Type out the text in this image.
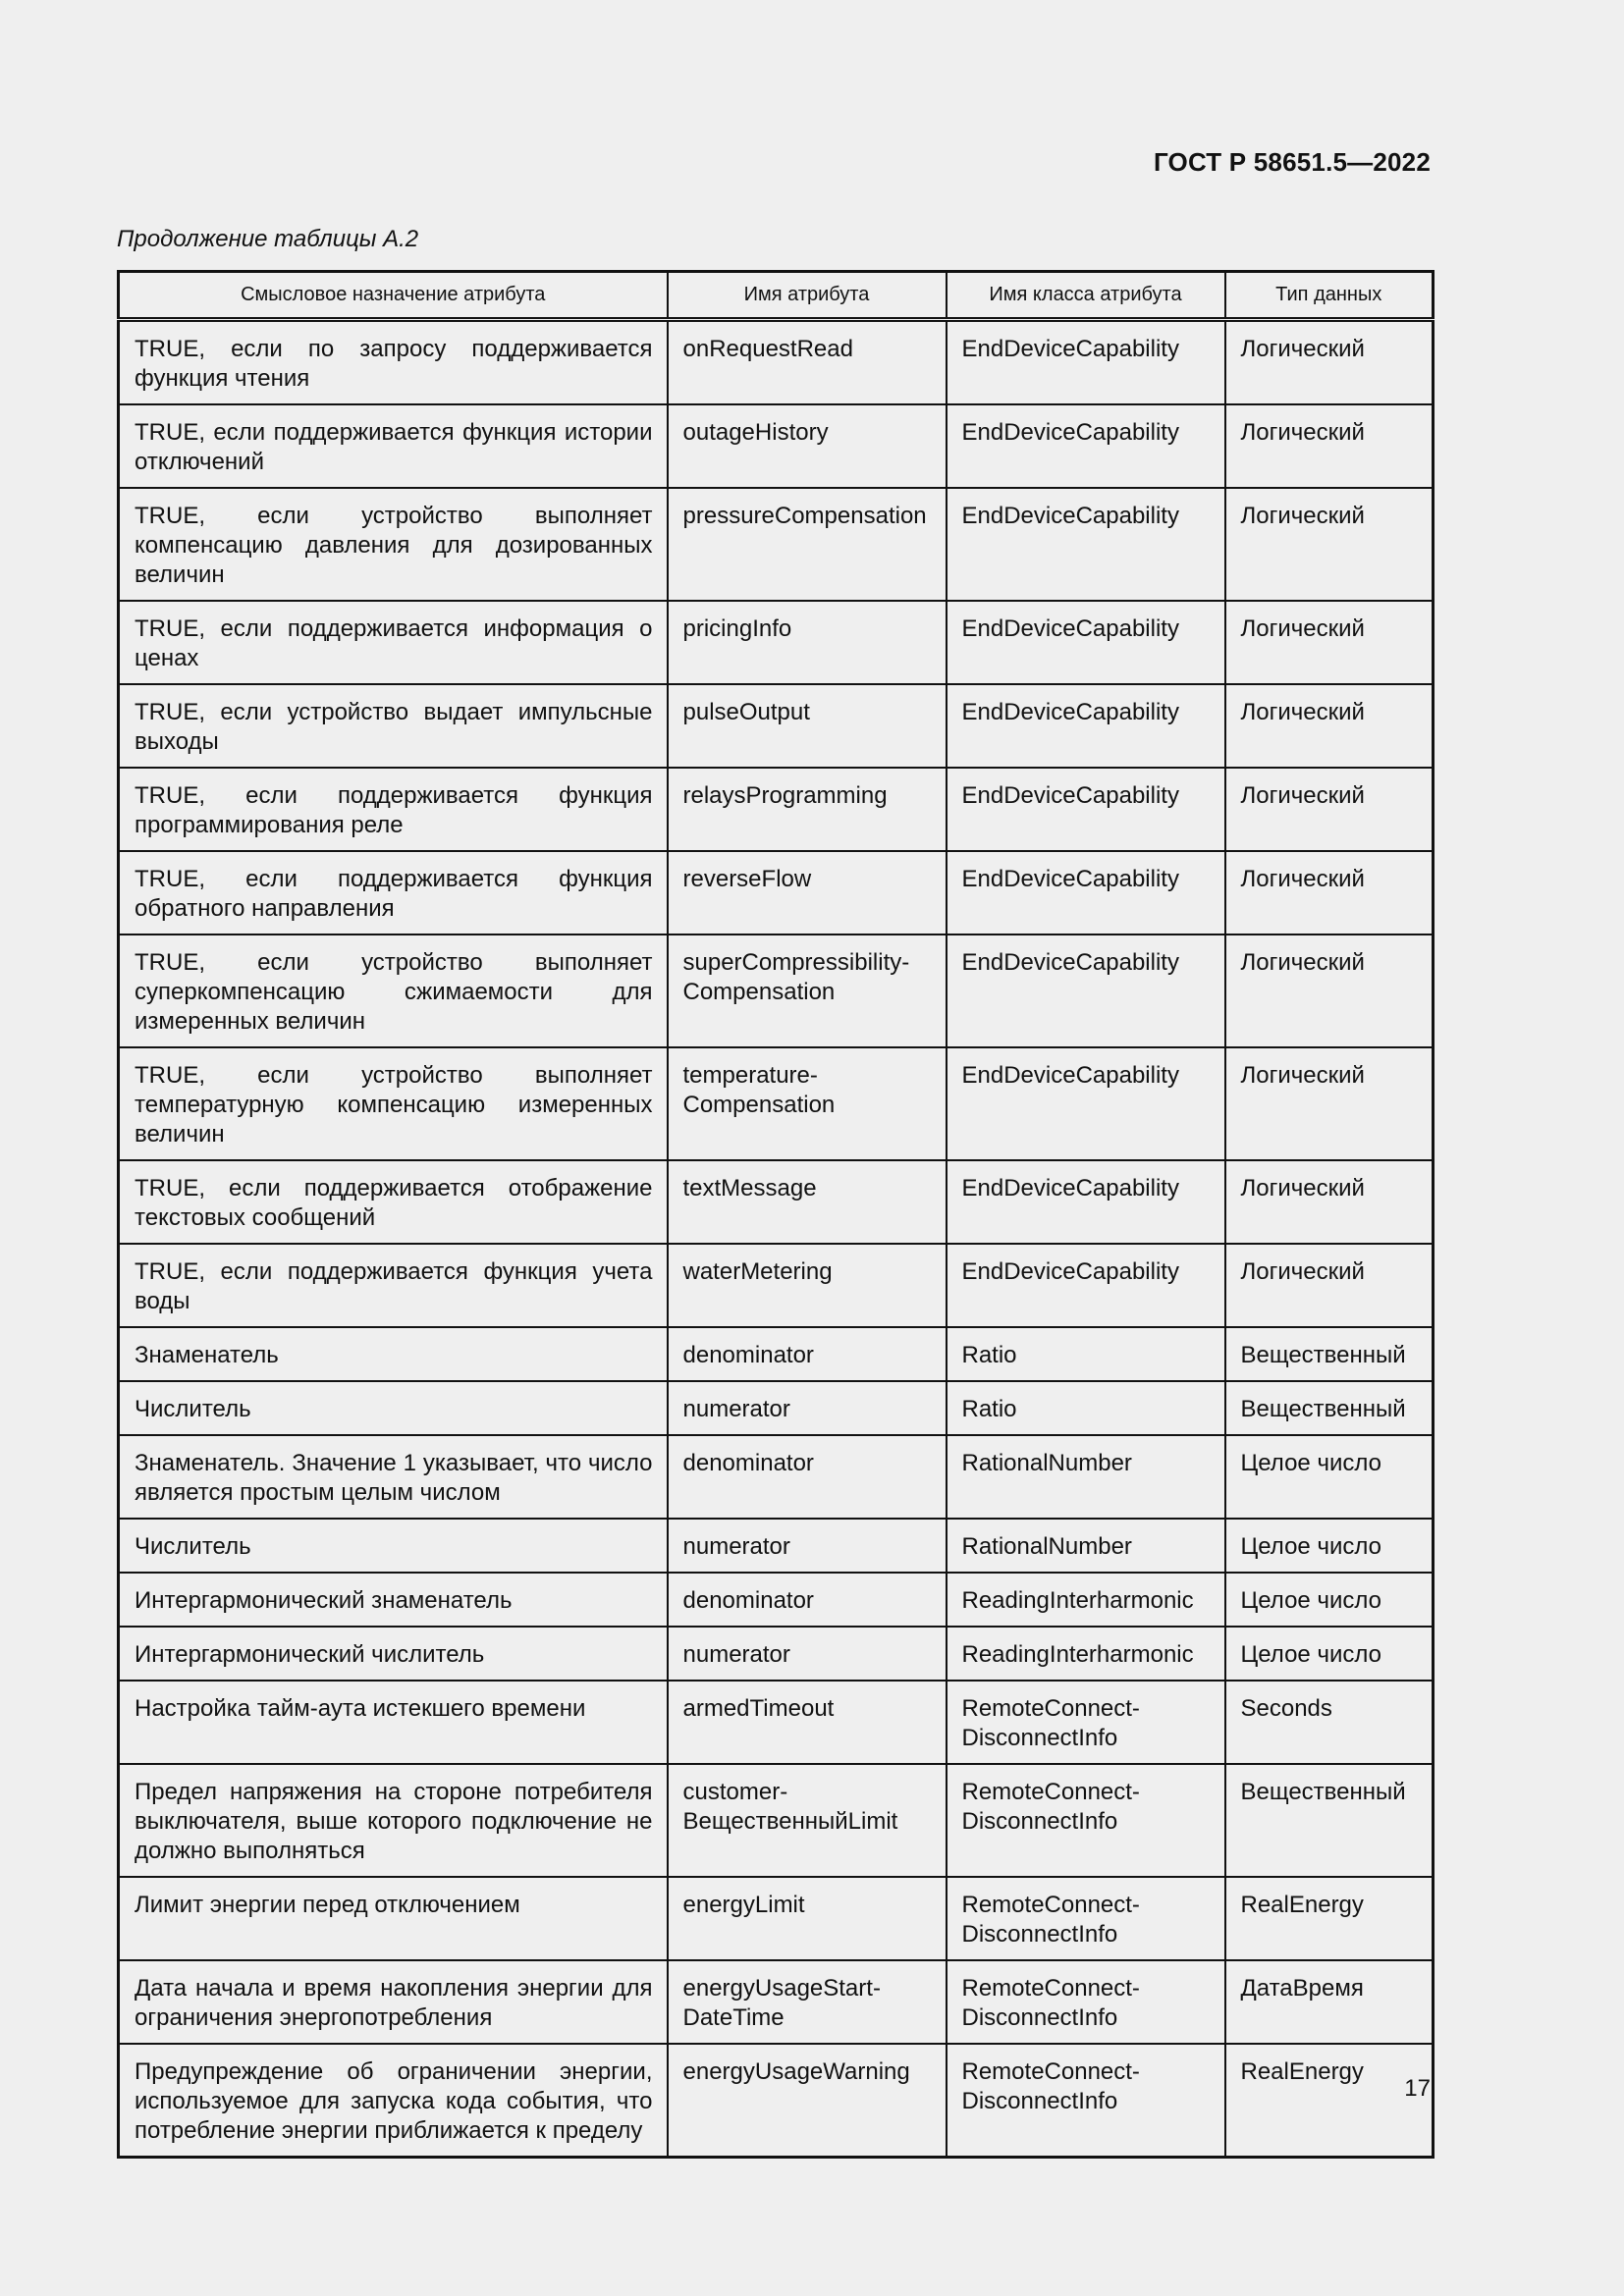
ГОСТ Р 58651.5—2022
Продолжение таблицы А.2
Смысловое назначение атрибута	Имя атрибута	Имя класса атрибута	Тип данных
TRUE, если по запросу поддерживается функция чтения	onRequestRead	EndDeviceCapability	Логический
TRUE, если поддерживается функция истории отключений	outageHistory	EndDeviceCapability	Логический
TRUE, если устройство выполняет компенсацию давления для дозированных величин	pressureCompensation	EndDeviceCapability	Логический
TRUE, если поддерживается информация о ценах	pricingInfo	EndDeviceCapability	Логический
TRUE, если устройство выдает импульсные выходы	pulseOutput	EndDeviceCapability	Логический
TRUE, если поддерживается функция программирования реле	relaysProgramming	EndDeviceCapability	Логический
TRUE, если поддерживается функция обратного направления	reverseFlow	EndDeviceCapability	Логический
TRUE, если устройство выполняет суперкомпенсацию сжимаемости для измеренных величин	superCompressibility-Compensation	EndDeviceCapability	Логический
TRUE, если устройство выполняет температурную компенсацию измеренных величин	temperature-Compensation	EndDeviceCapability	Логический
TRUE, если поддерживается отображение текстовых сообщений	textMessage	EndDeviceCapability	Логический
TRUE, если поддерживается функция учета воды	waterMetering	EndDeviceCapability	Логический
Знаменатель	denominator	Ratio	Вещественный
Числитель	numerator	Ratio	Вещественный
Знаменатель. Значение 1 указывает, что число является простым целым числом	denominator	RationalNumber	Целое число
Числитель	numerator	RationalNumber	Целое число
Интергармонический знаменатель	denominator	ReadingInterharmonic	Целое число
Интергармонический числитель	numerator	ReadingInterharmonic	Целое число
Настройка тайм-аута истекшего времени	armedTimeout	RemoteConnect-DisconnectInfo	Seconds
Предел напряжения на стороне потребителя выключателя, выше которого подключение не должно выполняться	customer-ВещественныйLimit	RemoteConnect-DisconnectInfo	Вещественный
Лимит энергии перед отключением	energyLimit	RemoteConnect-DisconnectInfo	RealEnergy
Дата начала и время накопления энергии для ограничения энергопотребления	energyUsageStart-DateTime	RemoteConnect-DisconnectInfo	ДатаВремя
Предупреждение об ограничении энергии, используемое для запуска кода события, что потребление энергии приближается к пределу	energyUsageWarning	RemoteConnect-DisconnectInfo	RealEnergy
17
